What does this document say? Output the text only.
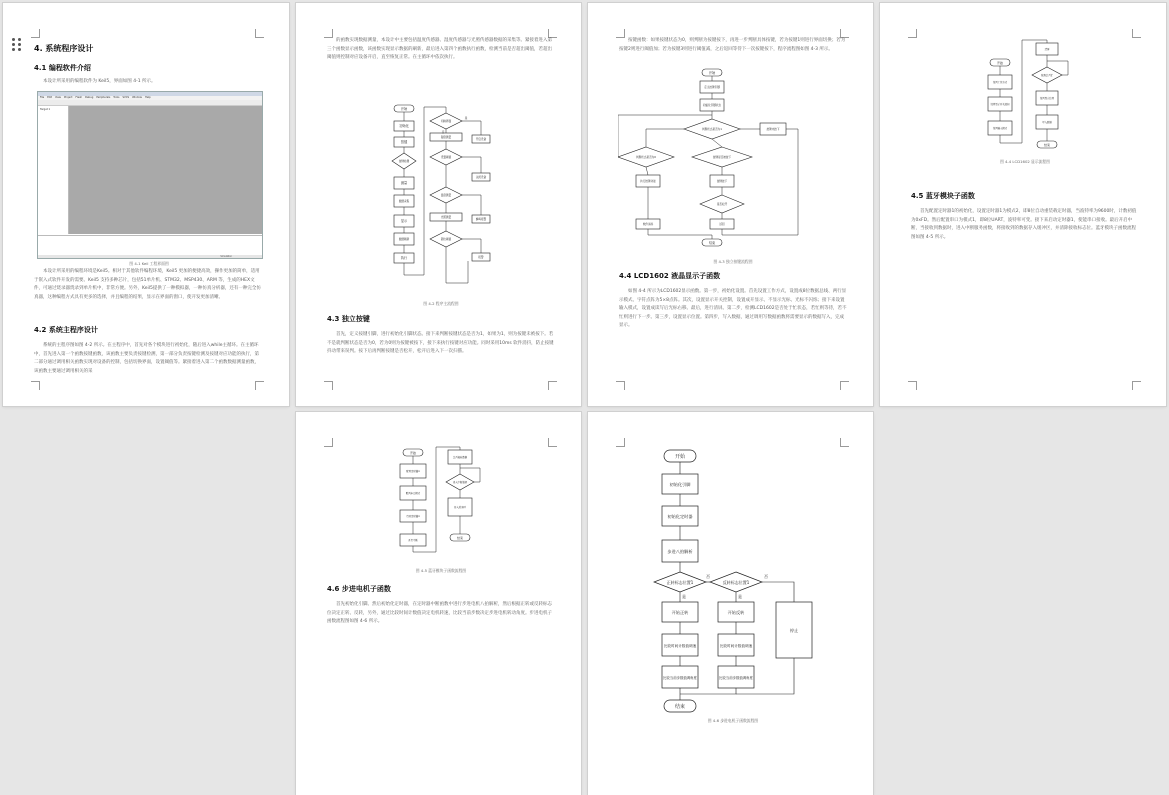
4. 系统程序设计
4.1 编程软件介绍
本设计所采用的编程软件为 Keil5，界面如图 4-1 所示。
File Edit View Project Flash Debug Peripherals Tools SVCS Window Help
Target 1
Simulation
图 4-1 Keil 工程界面图
本设计所采用的编程环境是Keil5。相对于其他软件编程环境，Keil5 更加的便捷高效，操作更加的简单，适用于嵌入式软件开发的需要。Keil5 支持多种芯片，包括51单片机、STM32、MSP430、ARM 等，生成的HEX文件，可通过烧录器烧录到单片机中，非常方便。另外，Keil5提供了一种模拟器，一种仿真分析器，还有一种完全仿真器，这种编程方式具有更多的选择，并且编程的结果，显示在界面的窗口，使开发更加清晰。
4.2 系统主程序设计
系统的主程序图如图 4-2 所示。在主程序中，首先对各个模块进行初始化，随后进入while主循环。在主循环中，首先进入第一个函数按键函数，该函数主要负责按键检测，第一部分负责按键检测及按键对应功能的执行，第二部分通过调用相关函数实现对设备的控制，包括切换界面，设置阈值等。紧接着进入第二个函数数据测量函数，该函数主要通过调用相关的采
的函数实现数据测量，本设计中主要包括温度传感器、湿度传感器与光照传感器数据的采集等。紧接着进入第三个函数显示函数，该函数实现显示数据的刷新，最后进入第四个函数执行函数，检测当前是否超出阈值，若超出阈值则控制对应设备开启，直至恢复正常。在主循环中依次执行。
开始
初始化
按键
按键检测
测量
数据采集
显示
数据刷新
执行
切换界面
设置阈值
温度测量
超出阈值
湿度测量
光照测量
开启设备
关闭设备
蜂鸣报警
报警
是
否
图 4-2 程序主流程图
4.3 独立按键
首先，定义按键引脚，进行初始化引脚状态。接下来判断按键状态是否为1，如果为1，则为按键未被按下。若不是就判断状态是否为0，若为0则为按键被按下，接下来执行按键对应功能。同时采用10ms 软件消抖，防止按键抖动带来误判。按下后再判断按键是否松开，松开后进入下一次扫描。
按键函数：如果按键状态为0，则判断为按键按下，再进一步判断具体按键，若为按键1则进行界面切换；若为按键2则进行阈值加；若为按键3则进行阈值减，之后返回等待下一次按键按下，程序流程图如图 4-3 所示。
开始
定义按键引脚
初始化引脚状态
判断状态是否为1	按键未按下
判断状态是否为0	按键是否被按下
执行按键功能	按键按下
是否松开
软件消抖	返回
结束
图 4-3 独立按键流程图
4.4 LCD1602 液晶显示子函数
如图 4-4 所示为LCD1602显示函数。第一步，初始化设置。首先设置工作方式，设置成8位数据总线、两行显示模式、字符点阵为5×8点阵。其次，设置显示开关控制，设置成开显示、不显示光标、光标不闪烁；接下来设置输入模式，设置成读写后光标右移。最后，进行清屏。第二步，检测LCD1602是否处于忙状态，若忙则等待，若不忙则进行下一步。第三步，设置显示位置。第四步，写入数据，通过调用写数据函数将需要显示的数据写入，完成显示。
开始
设置工作方式
设置显示开关控制
设置输入模式
清屏
检测是否忙
设置显示位置
写入数据
结束
图 4-4 LCD1602 显示流程图
4.5 蓝牙模块子函数
首先配置定时器1的初始化，设置定时器1为模式2，即8位自动重装载定时器，当波特率为9600时，计数初值为0xFD。然后配置串口为模式1，即8位UART，波特率可变。接下来启动定时器1，使能串口接收。最后开启中断，当接收到数据时，进入中断服务函数，将接收到的数据存入缓冲区，并清除接收标志位。蓝牙模块子函数流程图如图 4-5 所示。
开始
配置定时器1
配置串口模式
启动定时器1
开启中断
是否接收数据
进入中断服务
存入缓冲区
结束
图 4-5 蓝牙模块子函数流程图
4.6 步进电机子函数
首先初始化引脚。然后初始化定时器，在定时器中断函数中进行步进电机八拍解析，然后根据正转或反转标志位决定正转、反转，另外，通过比较时间计数值决定电机转速，比较当前步数决定步进电机转动角度。步进电机子函数流程图如图 4-6 所示。
开始
初始化引脚
初始化定时器
步进八拍解析
正转标志位置1	反转标志位置1
开始正转	开始反转
停止
比较时间计数值调速	比较时间计数值调速
比较当前步数值调角度	比较当前步数值调角度
结束
否	否
是	是
图 4-6 步进电机子函数流程图
